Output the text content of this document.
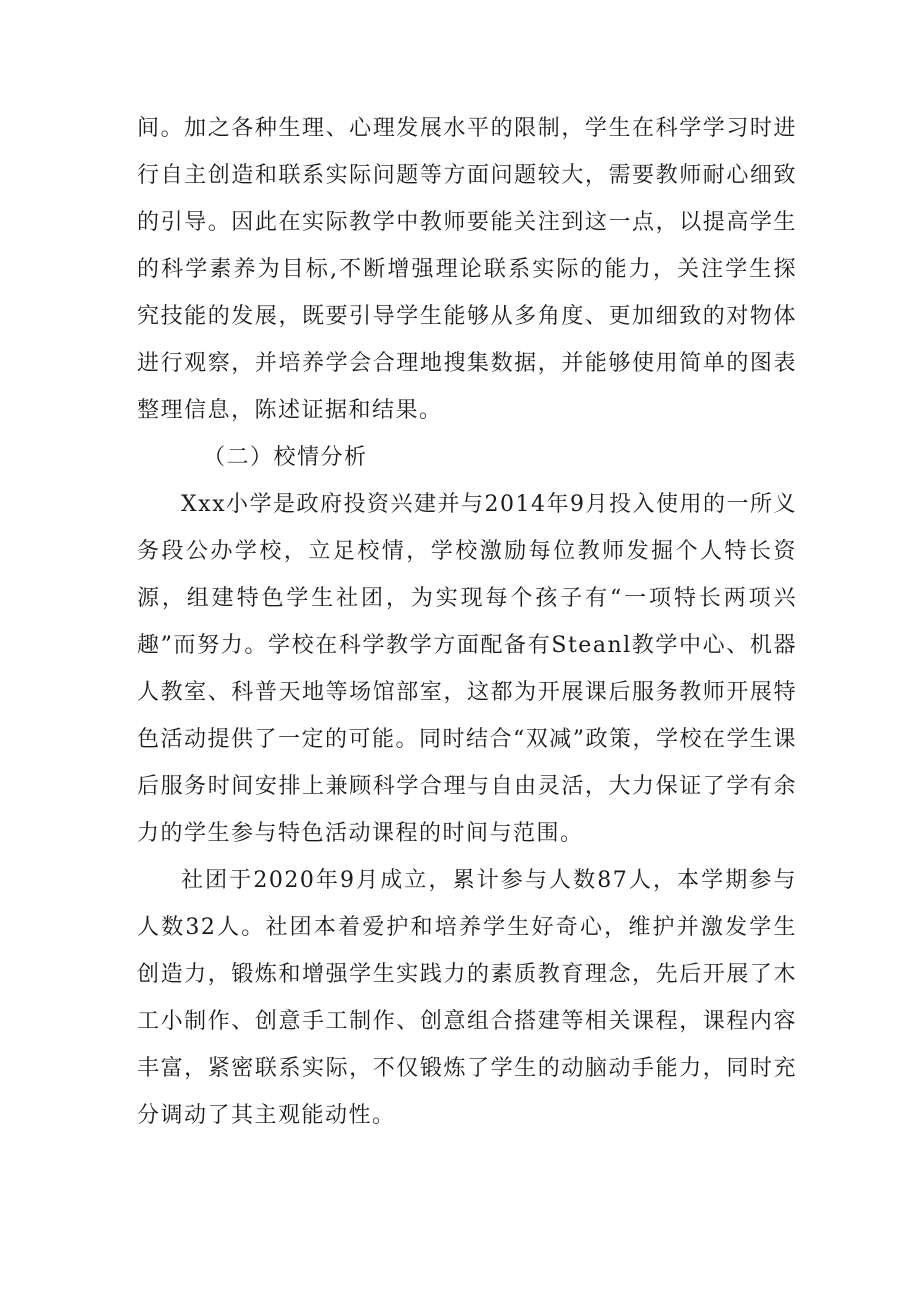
间。加之各种生理、心理发展水平的限制，学生在科学学习时进行自主创造和联系实际问题等方面问题较大，需要教师耐心细致的引导。因此在实际教学中教师要能关注到这一点，以提高学生的科学素养为目标,不断增强理论联系实际的能力，关注学生探究技能的发展，既要引导学生能够从多角度、更加细致的对物体进行观察，并培养学会合理地搜集数据，并能够使用简单的图表整理信息，陈述证据和结果。

（二）校情分析

Xxx小学是政府投资兴建并与2014年9月投入使用的一所义务段公办学校，立足校情，学校激励每位教师发掘个人特长资源，组建特色学生社团，为实现每个孩子有“一项特长两项兴趣”而努力。学校在科学教学方面配备有Steanl教学中心、机器人教室、科普天地等场馆部室，这都为开展课后服务教师开展特色活动提供了一定的可能。同时结合“双减”政策，学校在学生课后服务时间安排上兼顾科学合理与自由灵活，大力保证了学有余力的学生参与特色活动课程的时间与范围。

社团于2020年9月成立，累计参与人数87人，本学期参与人数32人。社团本着爱护和培养学生好奇心，维护并激发学生创造力，锻炼和增强学生实践力的素质教育理念，先后开展了木工小制作、创意手工制作、创意组合搭建等相关课程，课程内容丰富，紧密联系实际，不仅锻炼了学生的动脑动手能力，同时充分调动了其主观能动性。
